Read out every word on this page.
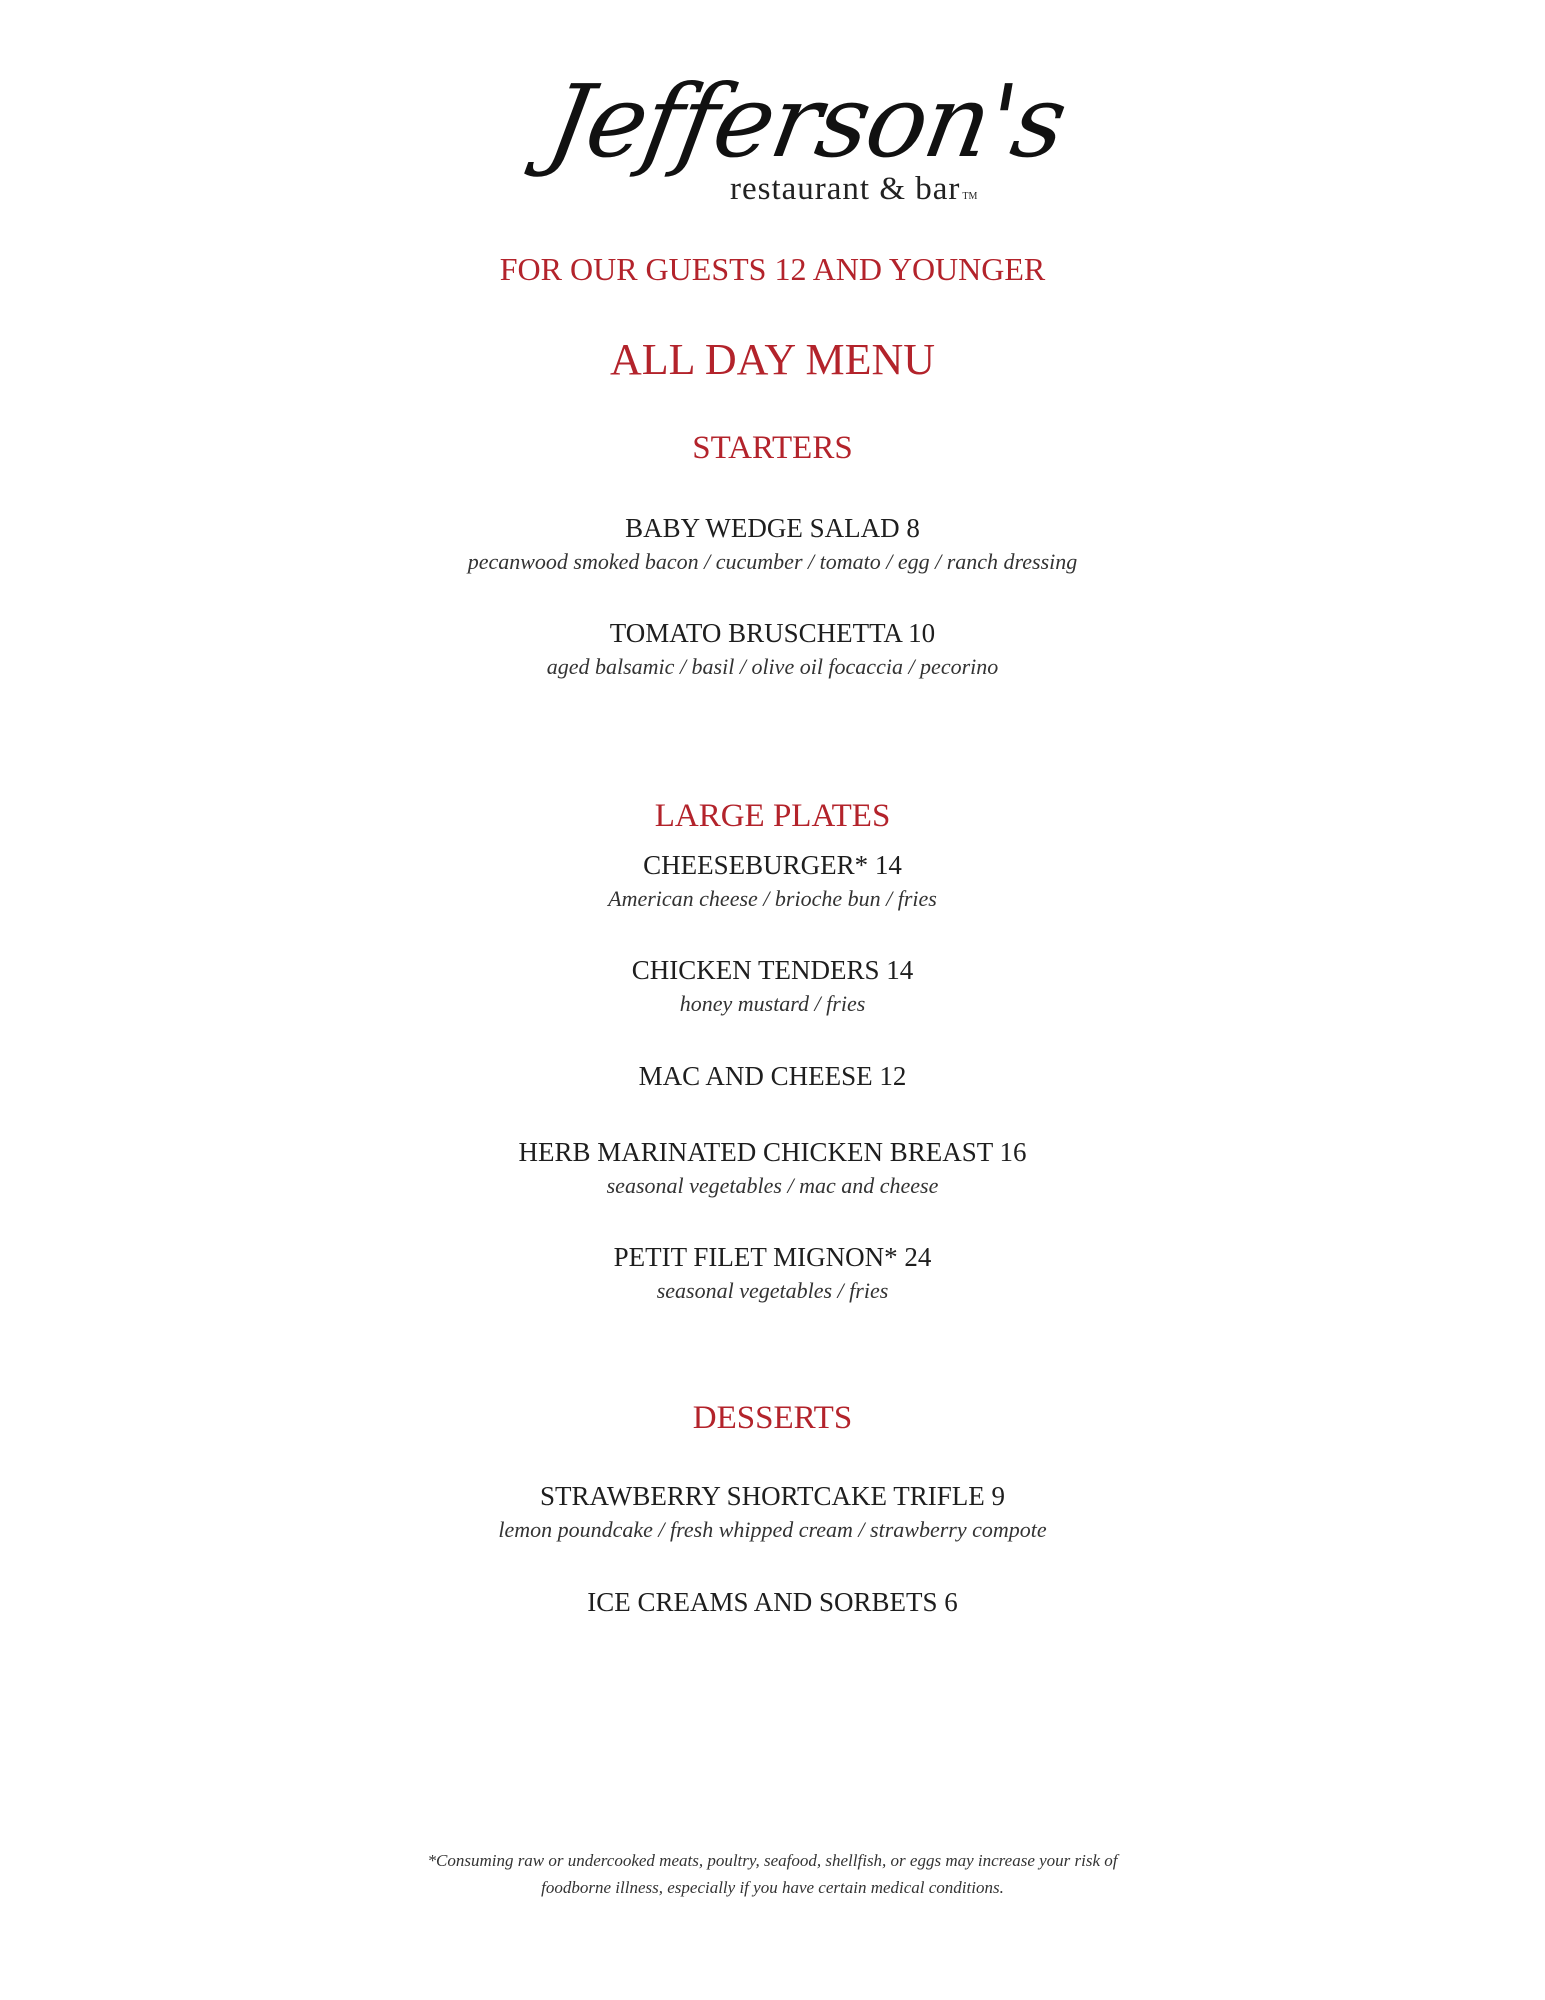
Jefferson's
restaurant & bar TM
FOR OUR GUESTS 12 AND YOUNGER
ALL DAY MENU
STARTERS
BABY WEDGE SALAD 8
pecanwood smoked bacon / cucumber / tomato / egg / ranch dressing
TOMATO BRUSCHETTA 10
aged balsamic / basil / olive oil focaccia / pecorino
LARGE PLATES
CHEESEBURGER* 14
American cheese / brioche bun / fries
CHICKEN TENDERS 14
honey mustard / fries
MAC AND CHEESE 12
HERB MARINATED CHICKEN BREAST 16
seasonal vegetables / mac and cheese
PETIT FILET MIGNON* 24
seasonal vegetables / fries
DESSERTS
STRAWBERRY SHORTCAKE TRIFLE 9
lemon poundcake / fresh whipped cream / strawberry compote
ICE CREAMS AND SORBETS 6
*Consuming raw or undercooked meats, poultry, seafood, shellfish, or eggs may increase your risk of
foodborne illness, especially if you have certain medical conditions.
